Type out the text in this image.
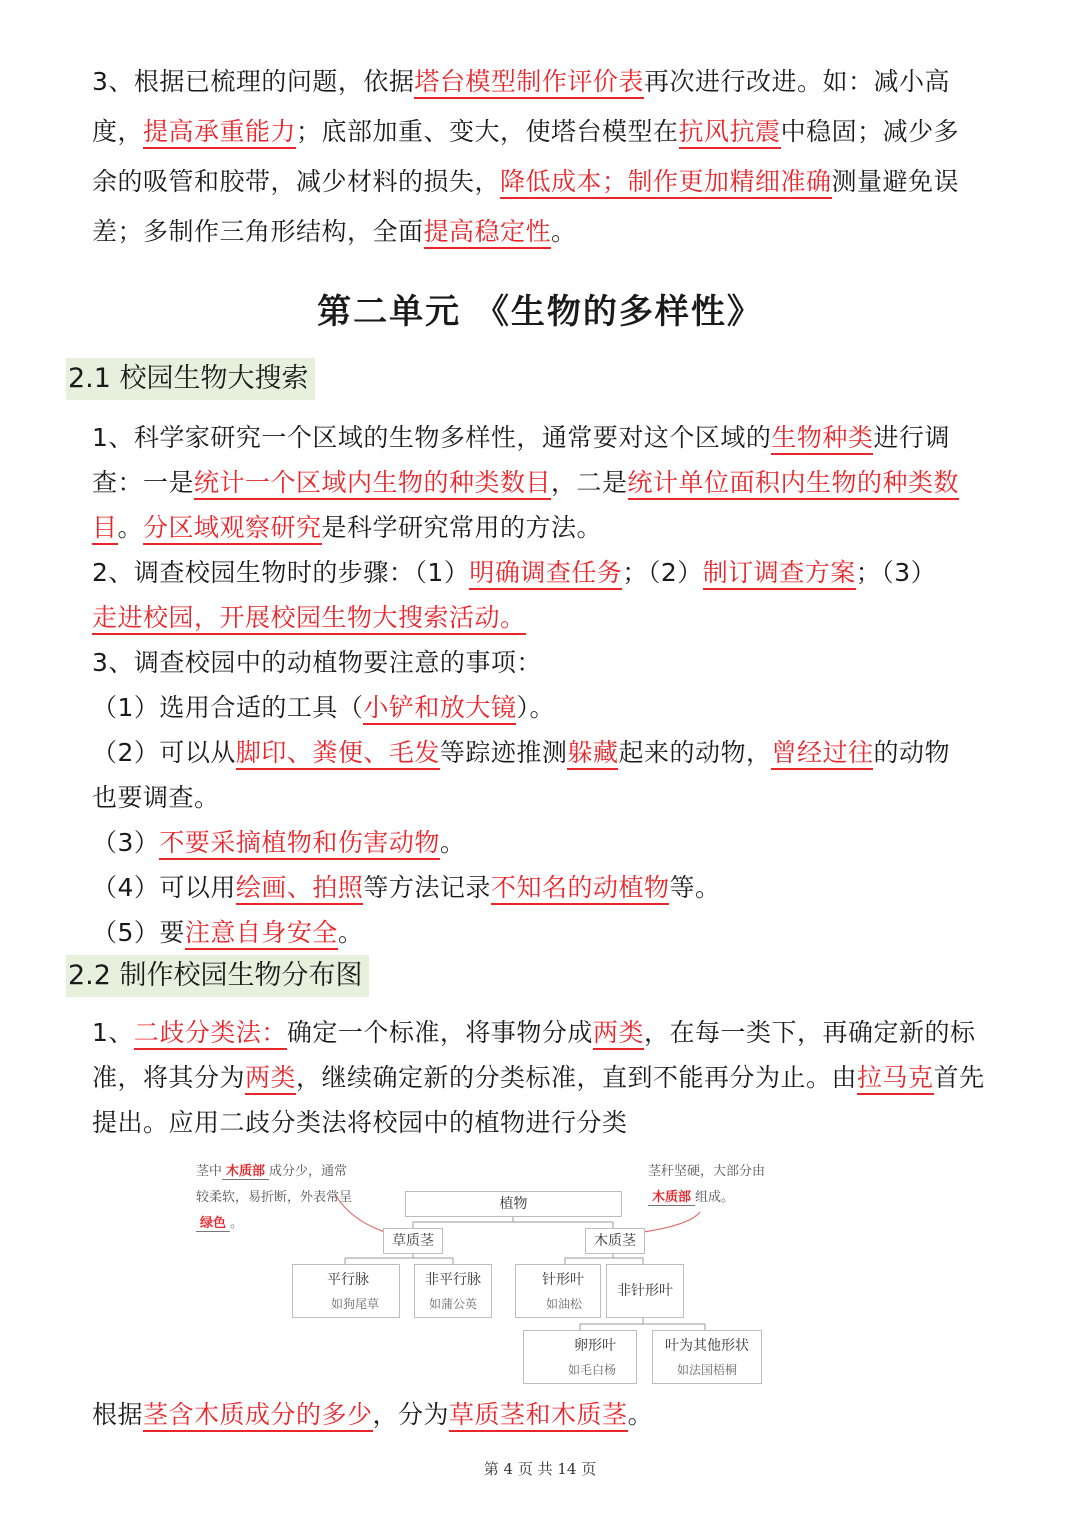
3、根据已梳理的问题，依据塔台模型制作评价表再次进行改进。如：减小高
度，提高承重能力；底部加重、变大，使塔台模型在抗风抗震中稳固；减少多
余的吸管和胶带，减少材料的损失，降低成本；制作更加精细准确测量避免误
差；多制作三角形结构，全面提高稳定性。
第二单元 《生物的多样性》
2.1 校园生物大搜索
1、科学家研究一个区域的生物多样性，通常要对这个区域的生物种类进行调
查：一是统计一个区域内生物的种类数目，二是统计单位面积内生物的种类数
目。分区域观察研究是科学研究常用的方法。
2、调查校园生物时的步骤：（1）明确调查任务；（2）制订调查方案；（3）
走进校园，开展校园生物大搜索活动。
3、调查校园中的动植物要注意的事项：
（1）选用合适的工具（小铲和放大镜）。
（2）可以从脚印、粪便、毛发等踪迹推测躲藏起来的动物，曾经过往的动物
也要调查。
（3）不要采摘植物和伤害动物。
（4）可以用绘画、拍照等方法记录不知名的动植物等。
（5）要注意自身安全。
2.2 制作校园生物分布图
1、二歧分类法：确定一个标准，将事物分成两类，在每一类下，再确定新的标
准，将其分为两类，继续确定新的分类标准，直到不能再分为止。由拉马克首先
提出。应用二歧分类法将校园中的植物进行分类
植物
草质茎	木质茎
平行脉
如狗尾草
非平行脉
如蒲公英
针形叶
如油松
非针形叶
卵形叶
如毛白杨
叶为其他形状
如法国梧桐
茎中 木质部 成分少，通常
较柔软，易折断，外表常呈
绿色 。
茎秆坚硬，大部分由
木质部 组成。
根据茎含木质成分的多少，分为草质茎和木质茎。
第 4 页 共 14 页
